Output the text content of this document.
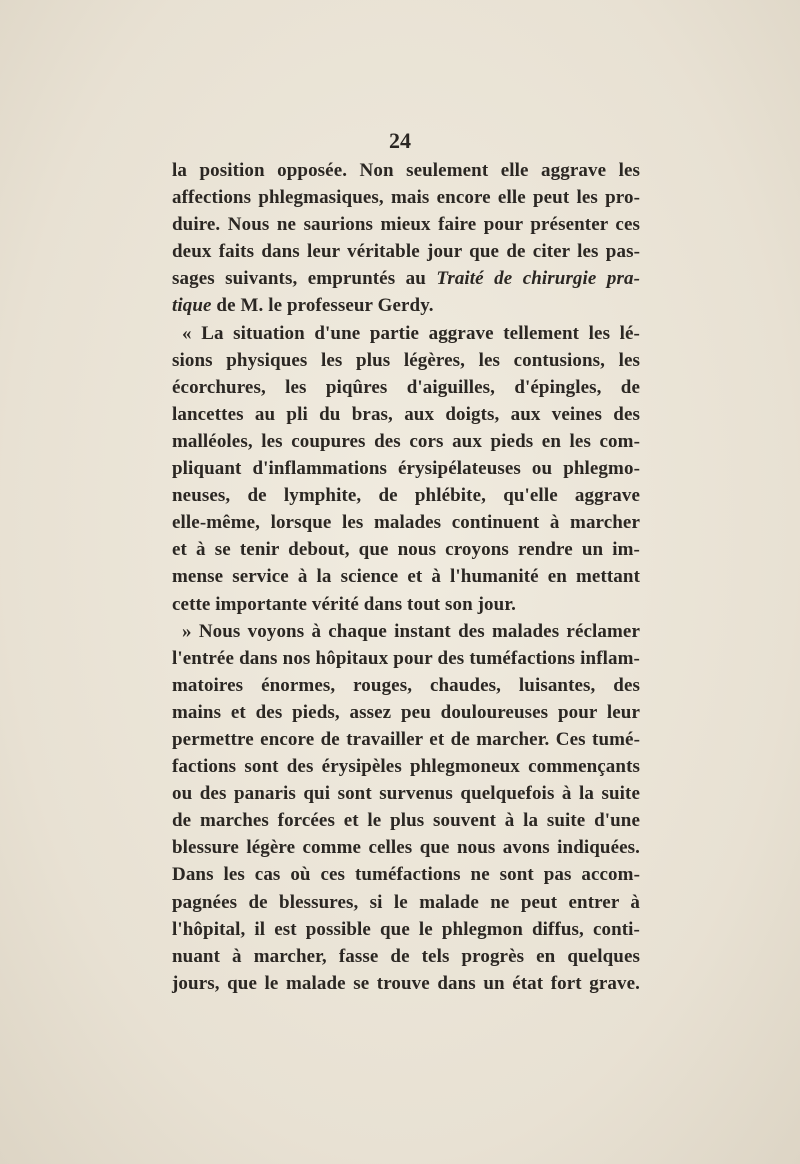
24
la position opposée. Non seulement elle aggrave les
affections phlegmasiques, mais encore elle peut les pro-
duire. Nous ne saurions mieux faire pour présenter ces
deux faits dans leur véritable jour que de citer les pas-
sages suivants, empruntés au Traité de chirurgie pra-
tique de M. le professeur Gerdy.
« La situation d'une partie aggrave tellement les lé-
sions physiques les plus légères, les contusions, les
écorchures, les piqûres d'aiguilles, d'épingles, de
lancettes au pli du bras, aux doigts, aux veines des
malléoles, les coupures des cors aux pieds en les com-
pliquant d'inflammations érysipélateuses ou phlegmo-
neuses, de lymphite, de phlébite, qu'elle aggrave
elle-même, lorsque les malades continuent à marcher
et à se tenir debout, que nous croyons rendre un im-
mense service à la science et à l'humanité en mettant
cette importante vérité dans tout son jour.
» Nous voyons à chaque instant des malades réclamer
l'entrée dans nos hôpitaux pour des tuméfactions inflam-
matoires énormes, rouges, chaudes, luisantes, des
mains et des pieds, assez peu douloureuses pour leur
permettre encore de travailler et de marcher. Ces tumé-
factions sont des érysipèles phlegmoneux commençants
ou des panaris qui sont survenus quelquefois à la suite
de marches forcées et le plus souvent à la suite d'une
blessure légère comme celles que nous avons indiquées.
Dans les cas où ces tuméfactions ne sont pas accom-
pagnées de blessures, si le malade ne peut entrer à
l'hôpital, il est possible que le phlegmon diffus, conti-
nuant à marcher, fasse de tels progrès en quelques
jours, que le malade se trouve dans un état fort grave.
